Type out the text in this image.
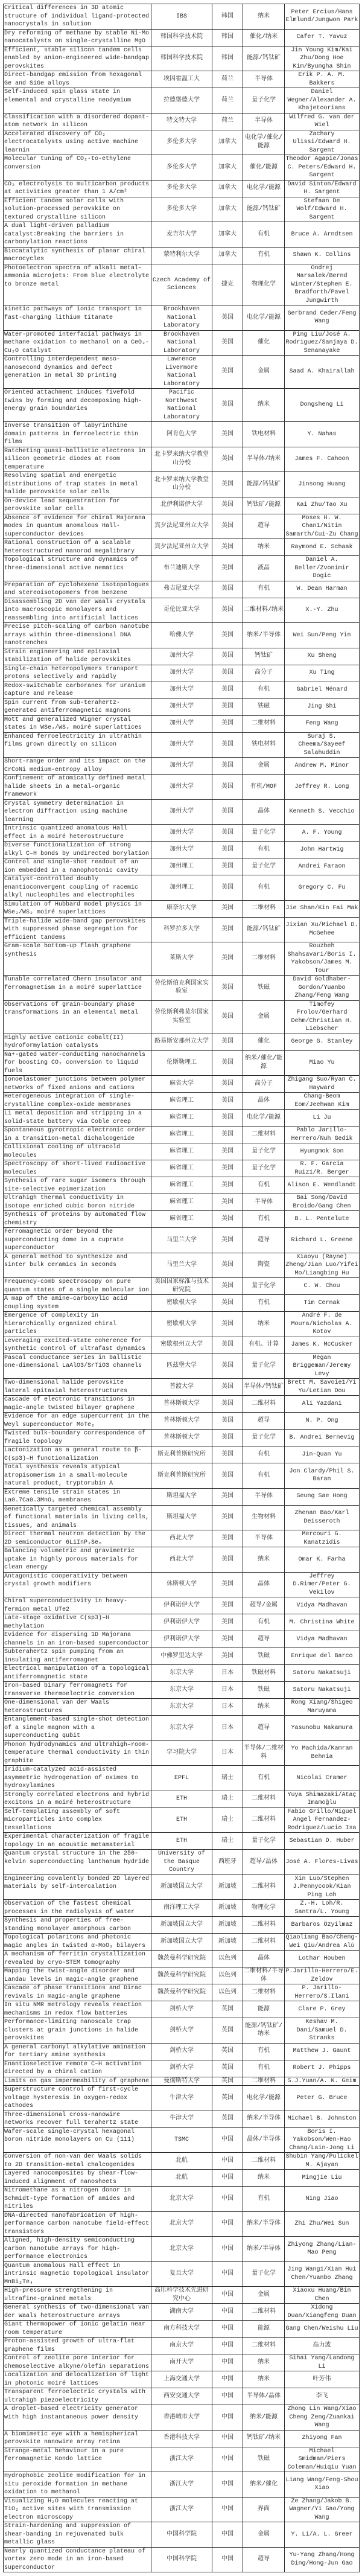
Critical differences in 3D atomic structure of individual ligand-protected nanocrystals in solution	IBS	韩国	纳米	Peter Ercius/Hans Elmlund/Jungwon Park
Dry reforming of methane by stable Ni-Mo nanocatalysts on single-crystalline MgO	韩国科学技术院	韩国	催化/纳米	Cafer T. Yavuz
Efficient, stable silicon tandem cells enabled by anion-engineered wide-bandgap perovskites	韩国科学技术院	韩国	能源/钙钛矿	Jin Young Kim/Kai Zhu/Dong Hoe Kim/Byungha Shin
Direct-bandgap emission from hexagonal Ge and SiGe alloys	埃因霍温工大	荷兰	半导体	Erik P. A. M. Bakkers
Self-induced spin glass state in elemental and crystalline neodymium	拉德堡德大学	荷兰	量子化学	Daniel Wegner/Alexander A. Khajetoorians
Classification with a disordered dopant-atom network in silicon	特文特大学	荷兰	半导体	Wilfred G. van der Wiel
Accelerated discovery of CO₂ electrocatalysts using active machine learnin	多伦多大学	加拿大	电化学/催化/能源	Zachary Ulissi/Edward H. Sargent
Molecular tuning of CO₂-to-ethylene conversion	多伦多大学	加拿大	催化/能源	Theodor Agapie/Jonas C. Peters/Edward H. Sargent
CO₂ electrolysis to multicarbon products at activities greater than 1 A/cm²	多伦多大学	加拿大	电化学/能源	David Sinton/Edward H. Sargent
Efficient tandem solar cells with solution-processed perovskite on textured crystalline silicon	多伦多大学	加拿大	能源/钙钛矿	Stefaan De Wolf/Edward H. Sargent
A dual light-driven palladium catalyst:Breaking the barriers in carbonylation reactions	麦吉尔大学	加拿大	有机	Bruce A. Arndtsen
Biocatalytic synthesis of planar chiral macrocycles	蒙特利尔大学	加拿大	有机	Shawn K. Collins
Photoelectron spectra of alkali metal–ammonia microjets: From blue electrolyte to bronze metal	Czech Academy of Sciences	捷克	物理化学	Ondrej Marsalek/Bernd Winter/Stephen E. Bradforth/Pavel Jungwirth
kinetic pathways of ionic transport in fast-charging lithium titanate	Brookhaven National Laboratory	美国	电化学/能源	Gerbrand Ceder/Feng Wang
Water-promoted interfacial pathways in methane oxidation to methanol on a CeO₂-Cu₂O catalyst	Brookhaven National Laboratory	美国	催化	Ping Liu/José A. Rodriguez/Sanjaya D. Senanayake
Controlling interdependent meso-nanosecond dynamics and defect generation in metal 3D printing	Lawrence Livermore National Laboratory	美国	金属	Saad A. Khairallah
Oriented attachment induces fivefold twins by forming and decomposing high-energy grain boundaries	Pacific Northwest National Laboratory	美国	纳米	Dongsheng Li
Inverse transition of labyrinthine domain patterns in ferroelectric thin films	阿肯色大学	美国	铁电材料	Y. Nahas
Ratcheting quasi-ballistic electrons in silicon geometric diodes at room temperature	北卡罗来纳大学教堂山分校	美国	半导体/纳米	James F. Cahoon
Resolving spatial and energetic distributions of trap states in metal halide perovskite solar cells	北卡罗来纳大学教堂山分校	美国	能源/钙钛矿	Jinsong Huang
On-device lead sequestration for perovskite solar cells	北伊利诺伊大学	美国	钙钛矿/能源	Kai Zhu/Tao Xu
Absence of evidence for chiral Majorana modes in quantum anomalous Hall-superconductor devices	宾夕法尼亚州立大学	美国	超导	Moses H. W. Chan1/Nitin Samarth/Cui-Zu Chang
Rational construction of a scalable heterostructured nanorod megalibrary	宾夕法尼亚州立大学	美国	纳米	Raymond E. Schaak
Topological structure and dynamics of three-dimensional active nematics	布兰迪斯大学	美国	液晶	Daniel A. Beller/Zvonimir Dogic
Preparation of cyclohexene isotopologues and stereoisotopomers from benzene	弗吉尼亚大学	美国	有机	W. Dean Harman
Disassembling 2D van der Waals crystals into macroscopic monolayers and reassembling into artificial lattices	哥伦比亚大学	美国	二维材料/纳米	X.-Y. Zhu
Precise pitch-scaling of carbon nanotube arrays within three-dimensional DNA nanotrenches	哈佛大学	美国	纳米/半导体	Wei Sun/Peng Yin
Strain engineering and epitaxial stabilization of halide perovskites	加州大学	美国	钙钛矿	Xu Sheng
Single-chain heteropolymers transport protons selectively and rapidly	加州大学	美国	高分子	Xu Ting
Redox-switchable carboranes for uranium capture and release	加州大学	美国	有机	Gabriel Ménard
Spin current from sub-terahertz-generated antiferromagnetic magnons	加州大学	美国	铁磁	Jing Shi
Mott and generalized Wigner crystal states in WSe₂/WS₂ moiré superlattices	加州大学	美国	二维材料	Feng Wang
Enhanced ferroelectricity in ultrathin films grown directly on silicon	加州大学	美国	铁电材料	Suraj S. Cheema/Sayeef Salahuddin
Short-range order and its impact on the CrCoNi medium-entropy alloy	加州大学	美国	金属	Andrew M. Minor
Confinement of atomically defined metal halide sheets in a metal–organic framework	加州大学	美国	有机/MOF	Jeffrey R. Long
Crystal symmetry determination in electron diffraction using machine learning	加州大学	美国	晶体	Kenneth S. Vecchio
Intrinsic quantized anomalous Hall effect in a moiré heterostructure	加州大学	美国	量子化学	A. F. Young
Diverse functionalization of strong alkyl C–H bonds by undirected borylation	加州大学	美国	有机	John Hartwig
Control and single-shot readout of an ion embedded in a nanophotonic cavity	加州理工	美国	量子化学	Andrei Faraon
Catalyst-controlled doubly enantioconvergent coupling of racemic alkyl nucleophiles and electrophiles	加州理工	美国	有机	Gregory C. Fu
Simulation of Hubbard model physics in WSe₂/WS₂ moiré superlattices	康奈尔大学	美国	二维材料	Jie Shan/Kin Fai Mak
Triple-halide wide–band gap perovskites with suppressed phase segregation for efficient tandems	科罗拉多大学	美国	能源/钙钛矿	Jixian Xu/Michael D. McGehee
Gram-scale bottom-up flash graphene synthesis	莱斯大学	美国	二维材料	Rouzbeh Shahsavari/Boris I. Yakobson/James M. Tour
Tunable correlated Chern insulator and ferromagnetism in a moiré superlattice	劳伦斯伯克利国家实验室	美国	铁磁	David Goldhaber-Gordon/Yuanbo Zhang/Feng Wang
Observations of grain-boundary phase transformations in an elemental metal	劳伦斯利弗莫尔国家实验室	美国	金属	Timofey Frolov/Gerhard Dehm/Christian H. Liebscher
Highly active cationic cobalt(II) hydroformylation catalysts	路易斯安那州立大学	美国	催化	George G. Stanley
Na+-gated water-conducting nanochannels for boosting CO₂ conversion to liquid fuels	伦斯勒理工	美国	纳米/催化/能源	Miao Yu
Ionoelastomer junctions between polymer networks of fixed anions and cations	麻省大学	美国	高分子	Zhigang Suo/Ryan C. Hayward
Heterogeneous integration of single-crystalline complex-oxide membranes	麻省理工	美国	晶体	Chang-Beom Eom/Jeehwan Kim
Li metal deposition and stripping in a solid-state battery via Coble creep	麻省理工	美国	电化学/能源	Li Ju
Spontaneous gyrotropic electronic order in a transition-metal dichalcogenide	麻省理工	美国	二维材料	Pablo Jarillo-Herrero/Nuh Gedik
Collisional cooling of ultracold molecules	麻省理工	美国	量子化学	Hyungmok Son
Spectroscopy of short-lived radioactive molecules	麻省理工	美国	量子化学	R. F. Garcia Ruiz1/R. Berger
Synthesis of rare sugar isomers through site-selective epimerization	麻省理工	美国	有机	Alison E. Wendlandt
Ultrahigh thermal conductivity in isotope enriched cubic boron nitride	麻省理工	美国	半导体	Bai Song/David Broido/Gang Chen
Synthesis of proteins by automated flow chemistry	麻省理工	美国	有机	B. L. Pentelute
Ferromagnetic order beyond the superconducting dome in a cuprate superconductor	马里兰大学	美国	超导	Richard L. Greene
A general method to synthesize and sinter bulk ceramics in seconds	马里兰大学	美国	陶瓷	Xiaoyu (Rayne) Zheng/Jian Luo/Yifei Mo/Liangbing Hu
Frequency-comb spectroscopy on pure quantum states of a single molecular ion	美国国家标准与技术研究院	美国	量子化学	C. W. Chou
A map of the amine–carboxylic acid coupling system	密歇根大学	美国	有机	Tim Cernak
Emergence of complexity in hierarchically organized chiral particles	密歇根大学	美国	纳米	André F. de Moura/Nicholas A. Kotov
Leveraging excited-state coherence for synthetic control of ultrafast dynamics	密歇根州立大学	美国	有机、计算	James K. McCusker
Pascal conductance series in ballistic one-dimensional LaAlO3/SrTiO3 channels	匹兹堡大学	美国	量子化学	Megan Briggeman/Jeremy Levy
Two-dimensional halide perovskite lateral epitaxial heterostructures	普渡大学	美国	半导体/钙钛矿	Brett M. Savoie1/Yi Yu/Letian Dou
Cascade of electronic transitions in magic-angle twisted bilayer graphene	普林斯顿大学	美国	二维材料	Ali Yazdani
Evidence for an edge supercurrent in the Weyl superconductor MoTe₂	普林斯顿大学	美国	超导	N. P. Ong
Twisted bulk-boundary correspondence of fragile topology	普林斯顿大学	美国	量子化学	B. Andrei Bernevig
Lactonization as a general route to β-C(sp3)–H functionalization	斯克利普斯研究所	美国	有机	Jin-Quan Yu
Total synthesis reveals atypical atropisomerism in a small-molecule natural product, tryptorubin A	斯克利普斯研究所	美国	有机	Jon Clardy/Phil S. Baran
Extreme tensile strain states in La0.7Ca0.3MnO₃ membranes	斯坦福大学	美国	半导体	Seung Sae Hong
Genetically targeted chemical assembly of functional materials in living cells, tissues, and animals	斯坦福大学	美国	生物材料	Zhenan Bao/Karl Deisseroth
Direct thermal neutron detection by the 2D semiconductor 6LiInP₂Se₆	西北大学	美国	半导体	Mercouri G. Kanatzidis
Balancing volumetric and gravimetric uptake in highly porous materials for clean energy	西北大学	美国	纳米	Omar K. Farha
Antagonistic cooperativity between crystal growth modifiers	休斯顿大学	美国	晶体	Jeffrey D.Rimer/Peter G. Vekilov
Chiral superconductivity in heavy-fermion metal UTe2	伊利诺伊大学	美国	超导/金属	Vidya Madhavan
Late-stage oxidative C(sp3)–H methylation	伊利诺伊大学	美国	有机	M. Christina White
Evidence for dispersing 1D Majorana channels in an iron-based superconductor	伊利诺伊大学	美国	超导	Vidya Madhavan
Subterahertz spin pumping from an insulating antiferromagnet	中佛罗里达大学	美国	铁磁	Enrique del Barco
Electrical manipulation of a topological antiferromagnetic state	东京大学	日本	铁磁材料	Satoru Nakatsuji
Iron-based binary ferromagnets for transverse thermoelectric conversion	东京大学	日本	铁磁	Satoru Nakatsuji
One-dimensional van der Waals heterostructures	东京大学	日本	纳米	Rong Xiang/Shigeo Maruyama
Entanglement-based single-shot detection of a single magnon with a superconducting qubit	东京大学	日本	超导	Yasunobu Nakamura
Phonon hydrodynamics and ultrahigh–room-temperature thermal conductivity in thin graphite	学习院大学	日本	半导体/二维材料	Yo Machida/Kamran Behnia
Iridium-catalyzed acid-assisted asymmetric hydrogenation of oximes to hydroxylamines	EPFL	瑞士	有机	Nicolai Cramer
Strongly correlated electrons and hybrid excitons in a moiré heterostructure	ETH	瑞士	二维材料	Yuya Shimazaki/Ataç Imamoğlu
Self-templating assembly of soft microparticles into complex tessellations	ETH	瑞士	二维材料	Fabio Grillo/Miguel Angel Fernandez-Rodriguez/Lucio Isa
Experimental characterization of fragile topology in an acoustic metamaterial	ETH	瑞士	量子化学	Sebastian D. Huber
Quantum crystal structure in the 250-kelvin superconducting lanthanum hydride	University of the Basque Country	西班牙	超导/晶体	José A. Flores-Livas
Engineering covalently bonded 2D layered materials by self-intercalation	新加坡国立大学	新加坡	二维材料	Xin Luo/Stephen J.Pennycook/Kian Ping Loh
Observation of the fastest chemical processes in the radiolysis of water	南洋理工大学	新加坡	物理化学	Z.-H. Loh/R. Santra/L. Young
Synthesis and properties of free-standing monolayer amorphous carbon	新加坡国立大学	新加坡	二维材料	Barbaros Özyilmaz
Topological polaritons and photonic magic angles in twisted α-MoO₃ bilayers	新加坡国立大学	新加坡	二维材料	Qiaoliang Bao/Cheng-Wei Qiu/Andrea Alù
A mechanism of ferritin crystallization revealed by cryo-STEM tomography	魏茨曼科学研究院	以色列	晶体	Lothar Houben
Mapping the twist-angle disorder and Landau levels in magic-angle graphene	魏茨曼科学研究院	以色列	二维材料/半导体	P.Jarillo-Herrero/E. Zeldov
Cascade of phase transitions and Dirac revivals in magic-angle graphene	魏茨曼科学研究院	以色列	二维材料	P. Jarillo-Herrero/S.Ilani
In situ NMR metrology reveals reaction mechanisms in redox flow batteries	剑桥大学	英国	能源	Clare P. Grey
Performance-limiting nanoscale trap clusters at grain junctions in halide perovskites	剑桥大学	英国	能源/钙钛矿/纳米	Keshav M. Dani/Samuel D. Stranks
A general carbonyl alkylative amination for tertiary amine synthesis	剑桥大学	英国	有机	Matthew J. Gaunt
Enantioselective remote C–H activation directed by a chiral cation	剑桥大学	英国	有机	Robert J. Phipps
Limits on gas impermeability of graphene	曼彻斯特大学	英国	二维材料	S.J.Yuan/A. K. Geim
Superstructure control of first-cycle voltage hysteresis in oxygen-redox cathodes	牛津大学	英国	电化学/能源	Peter G. Bruce
Three-dimensional cross-nanowire networks recover full terahertz state	牛津大学	英国	纳米/半导体	Michael B. Johnston
Wafer-scale single-crystal hexagonal boron nitride monolayers on Cu (111)	TSMC	中国	晶体/半导体	Boris I. Yakobson/Wen-Hao Chang/Lain-Jong Li
Conversion of non-van der Waals solids to 2D transition-metal chalcogenides	北航	中国	二维材料	Shubin Yang/Pulickel M. Ajayan
Layered nanocomposites by shear-flow-induced alignment of nanosheets	北航	中国	纳米	Mingjie Liu
Nitromethane as a nitrogen donor in Schmidt-type formation of amides and nitriles	北京大学	中国	有机	Ning Jiao
DNA-directed nanofabrication of high-performance carbon nanotube field-effect transistors	北京大学	中国	纳米/半导体	Zhi Zhu/Wei Sun
Aligned, high-density semiconducting carbon nanotube arrays for high-performance electronics	北京大学	中国	纳米/半导体	Zhiyong Zhang/Lian-Mao Peng
Quantum anomalous Hall effect in intrinsic magnetic topological insulator MnBi₂Te₄	复旦大学	中国	量子化学	Jing Wang1/Xian Hui Chen/Yuanbo Zhang
High-pressure strengthening in ultrafine-grained metals	高压科学技术先进研究中心	中国	金属	Xiaoxu Huang/Bin Chen
General synthesis of two-dimensional van der Waals heterostructure arrays	湖南大学	中国	二维材料	Xidong Duan/Xiangfeng Duan
Giant thermopower of ionic gelatin near room temperature	南方科技大学	中国	能源	Gang Chen/Weishu Liu
Proton-assisted growth of ultra-flat graphene films	南京大学	中国	二维材料	高力波
Control of zeolite pore interior for chemoselective alkyne/olefin separations	南开大学	中国	纳米	Sihai Yang/Landong Li
Localization and delocalization of light in photonic moiré lattices	上海交通大学	中国	纳米	叶芳伟
Transparent ferroelectric crystals with ultrahigh piezoelectricity	西安交通大学	中国	半导体/晶体	李飞
A droplet-based electricity generator with high instantaneous power density	香港城市大学	中国	纳米/能源	Zhong Lin Wang/Xiao Cheng Zeng/Zuankai Wang
A biomimetic eye with a hemispherical perovskite nanowire array retina	香港科技大学	中国	钙钛矿/纳米	Zhiyong Fan
Strange-metal behaviour in a pure ferromagnetic Kondo lattice	浙江大学	中国	铁磁	Michael Smidman/Piers Coleman/Huiqiu Yuan
Hydrophobic zeolite modification for in situ peroxide formation in methane oxidation to methanol	浙江大学	中国	纳米/催化	Liang Wang/Feng-Shou Xiao
Visualizing H₂O molecules reacting at TiO₂ active sites with transmission electron microscopy	浙江大学	中国	界面	Ze Zhang/Jakob B. Wagner/Yi Gao/Yong Wang
Strain-hardening and suppression of shear-banding in rejuvenated bulk metallic glass	中国科学院	中国	金属	Y. Li/A. L. Greer
Nearly quantized conductance plateau of vortex zero mode in an iron-based superconductor	中国科学院	中国	超导	Yu-Yang Zhang/Hong Ding/Hong-Jun Gao
